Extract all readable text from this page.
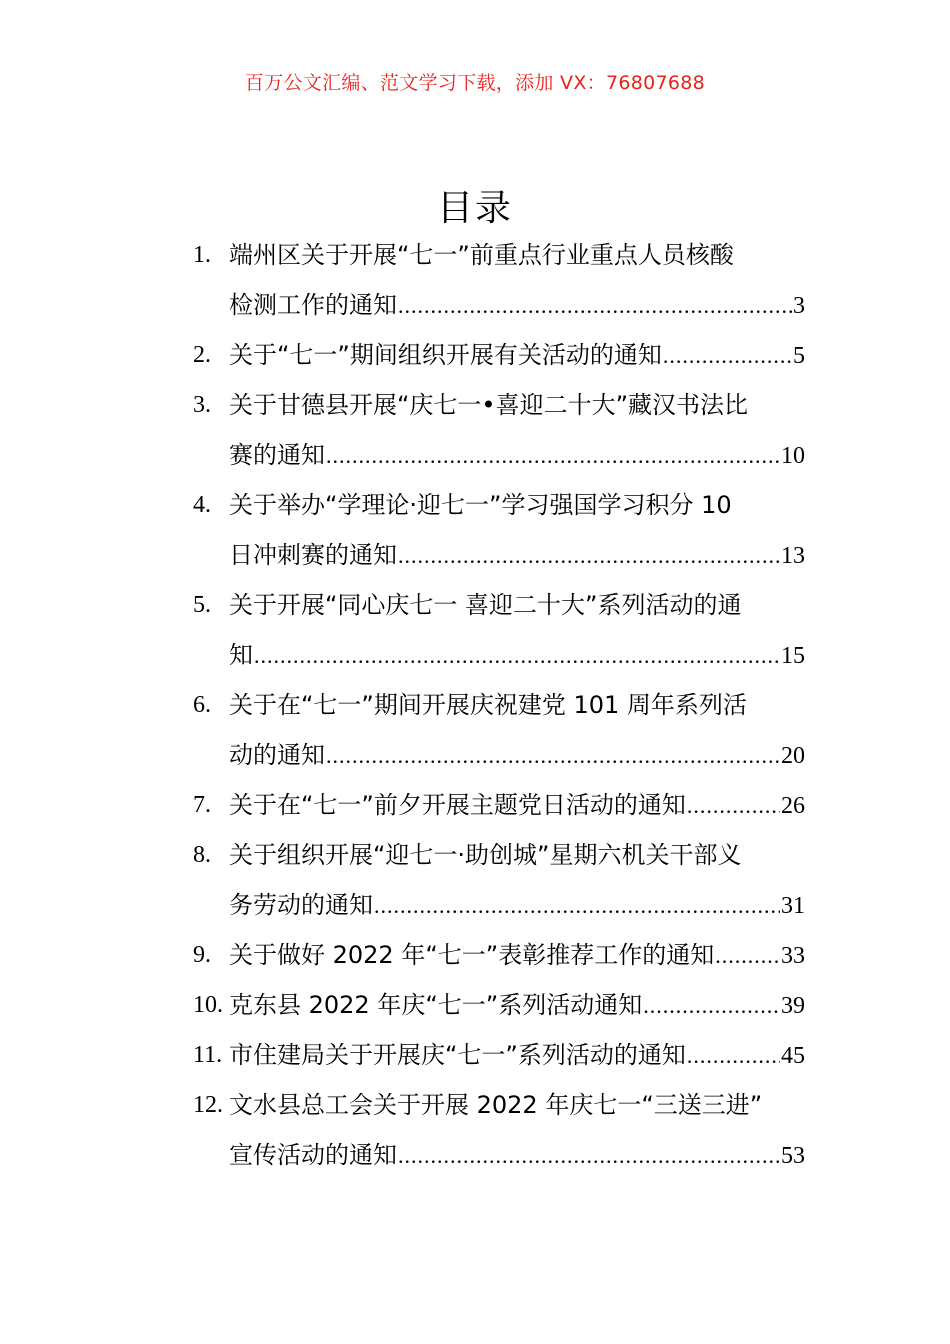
百万公文汇编、范文学习下载，添加 VX：76807688
目录
1. 端州区关于开展“七一”前重点行业重点人员核酸
检测工作的通知 .....	3
2. 关于“七一”期间组织开展有关活动的通知 .....	5
3. 关于甘德县开展“庆七一•喜迎二十大”藏汉书法比
赛的通知 .....	10
4. 关于举办“学理论·迎七一”学习强国学习积分 10
日冲刺赛的通知 .....	13
5. 关于开展“同心庆七一 喜迎二十大”系列活动的通
知 .....	15
6. 关于在“七一”期间开展庆祝建党 101 周年系列活
动的通知 .....	20
7. 关于在“七一”前夕开展主题党日活动的通知 .....	26
8. 关于组织开展“迎七一·助创城”星期六机关干部义
务劳动的通知 .....	31
9. 关于做好 2022 年“七一”表彰推荐工作的通知 .....	33
10. 克东县 2022 年庆“七一”系列活动通知 .....	39
11. 市住建局关于开展庆“七一”系列活动的通知 .....	45
12. 文水县总工会关于开展 2022 年庆七一“三送三进”
宣传活动的通知 .....	53
